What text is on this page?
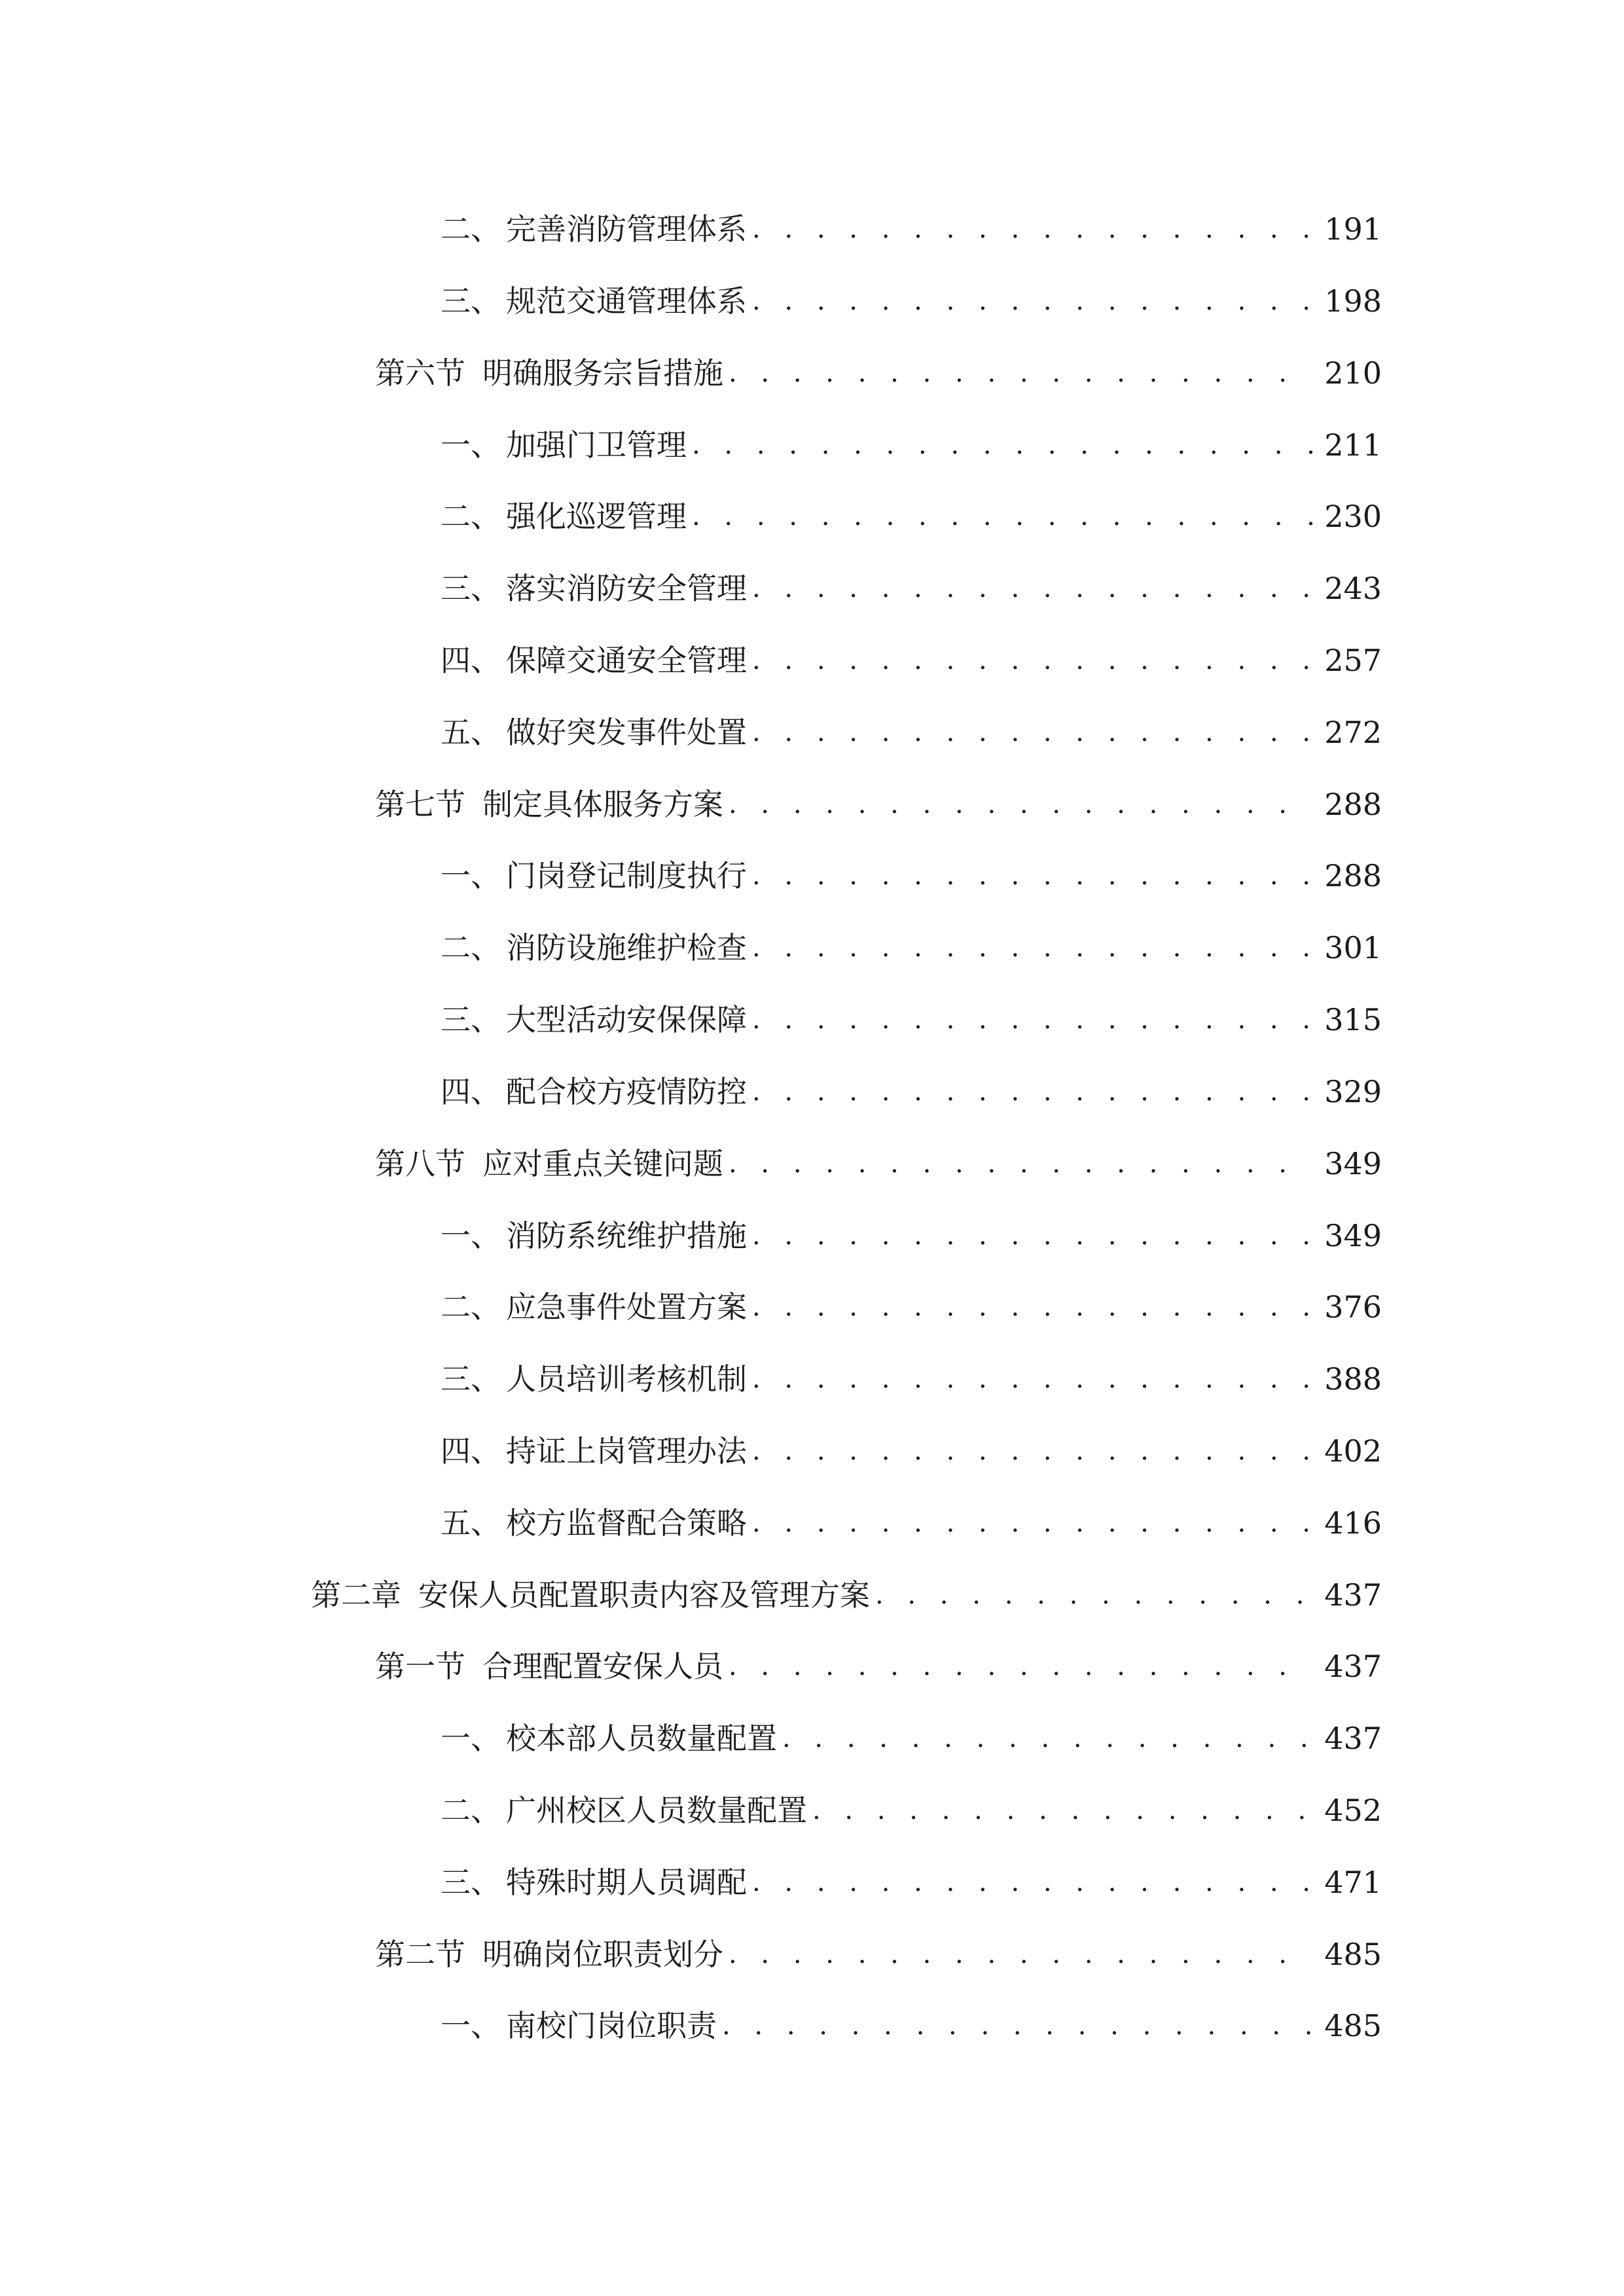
二、 完善消防管理体系 . . .	191
三、 规范交通管理体系 . . .	198
第六节 明确服务宗旨措施 . . .	210
一、 加强门卫管理 . . .	211
二、 强化巡逻管理 . . .	230
三、 落实消防安全管理 . . .	243
四、 保障交通安全管理 . . .	257
五、 做好突发事件处置 . . .	272
第七节 制定具体服务方案 . . .	288
一、 门岗登记制度执行 . . .	288
二、 消防设施维护检查 . . .	301
三、 大型活动安保保障 . . .	315
四、 配合校方疫情防控 . . .	329
第八节 应对重点关键问题 . . .	349
一、 消防系统维护措施 . . .	349
二、 应急事件处置方案 . . .	376
三、 人员培训考核机制 . . .	388
四、 持证上岗管理办法 . . .	402
五、 校方监督配合策略 . . .	416
第二章 安保人员配置职责内容及管理方案 . . .	437
第一节 合理配置安保人员 . . .	437
一、 校本部人员数量配置 . . .	437
二、 广州校区人员数量配置 . . .	452
三、 特殊时期人员调配 . . .	471
第二节 明确岗位职责划分 . . .	485
一、 南校门岗位职责 . . .	485
